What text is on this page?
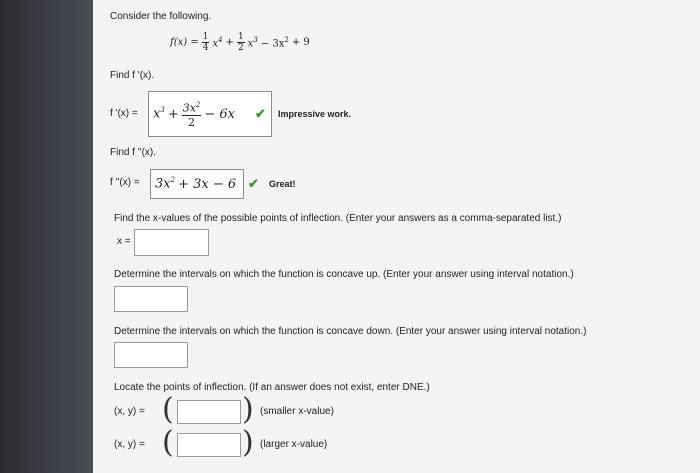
Consider the following.
$f(x) = \frac{1}{4} x^4 + \frac{1}{2} x^3 - 3x^2 + 9$
Find f '(x).
f '$(x) = x^3 + \frac{3x^2}{2} - 6x$ ✔ Impressive work.
Find f ''(x).
f ''$(x) = 3x^2 + 3x - 6$ ✔ Great!
Find the x-values of the possible points of inflection. (Enter your answers as a comma-separated list.)
x =
Determine the intervals on which the function is concave up. (Enter your answer using interval notation.)
Determine the intervals on which the function is concave down. (Enter your answer using interval notation.)
Locate the points of inflection. (If an answer does not exist, enter DNE.)
(x, y) = ( ) (smaller x-value)
(x, y) = ( ) (larger x-value)
